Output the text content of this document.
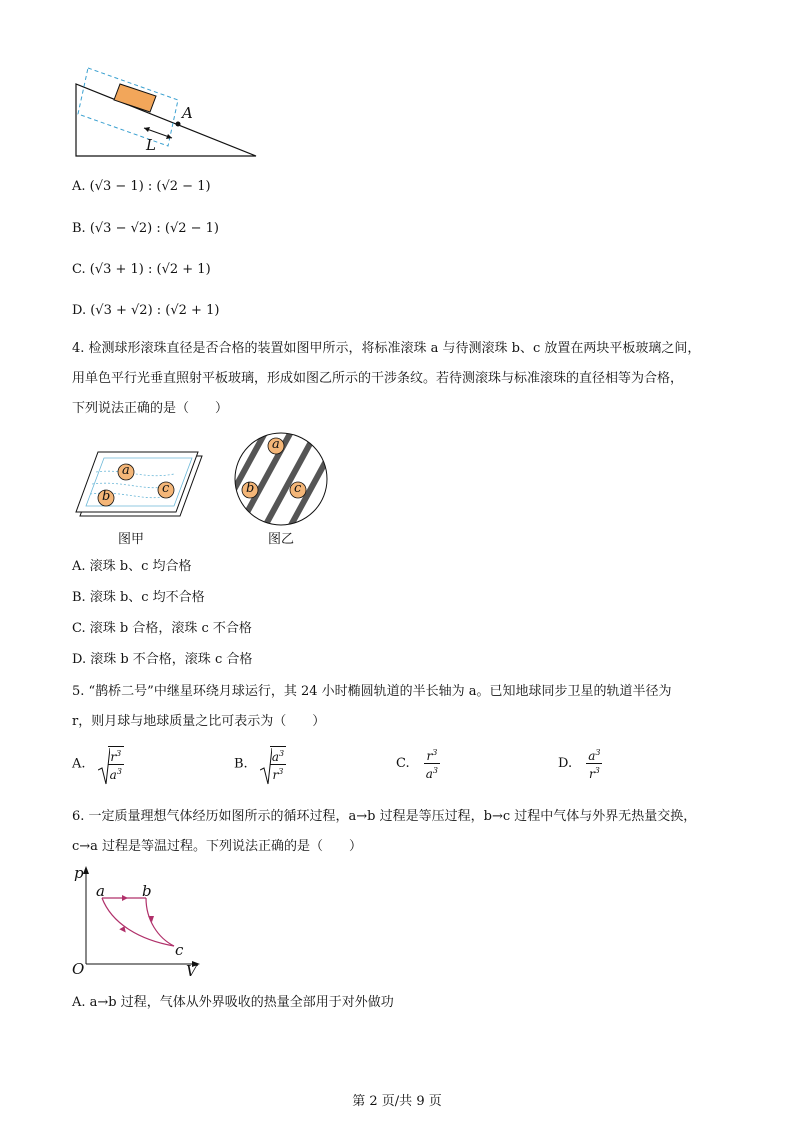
A
L
A. (√3 − 1) : (√2 − 1)
B. (√3 − √2) : (√2 − 1)
C. (√3 + 1) : (√2 + 1)
D. (√3 + √2) : (√2 + 1)
4. 检测球形滚珠直径是否合格的装置如图甲所示，将标准滚珠 a 与待测滚珠 b、c 放置在两块平板玻璃之间，
用单色平行光垂直照射平板玻璃，形成如图乙所示的干涉条纹。若待测滚珠与标准滚珠的直径相等为合格，
下列说法正确的是（　　）
a
b
c
图甲
a
b	c
图乙
A. 滚珠 b、c 均合格
B. 滚珠 b、c 均不合格
C. 滚珠 b 合格，滚珠 c 不合格
D. 滚珠 b 不合格，滚珠 c 合格
5. “鹊桥二号”中继星环绕月球运行，其 24 小时椭圆轨道的半长轴为 a。已知地球同步卫星的轨道半径为
r，则月球与地球质量之比可表示为（　　）
A. $\frac{r^3}{a^3}$	B. $\frac{a^3}{r^3}$	C. $\frac{r^3}{a^3}$	D. $\frac{a^3}{r^3}$
6. 一定质量理想气体经历如图所示的循环过程，a→b 过程是等压过程，b→c 过程中气体与外界无热量交换，
c→a 过程是等温过程。下列说法正确的是（　　）
p
V
O
a b
c
A. a→b 过程，气体从外界吸收的热量全部用于对外做功
第 2 页/共 9 页
